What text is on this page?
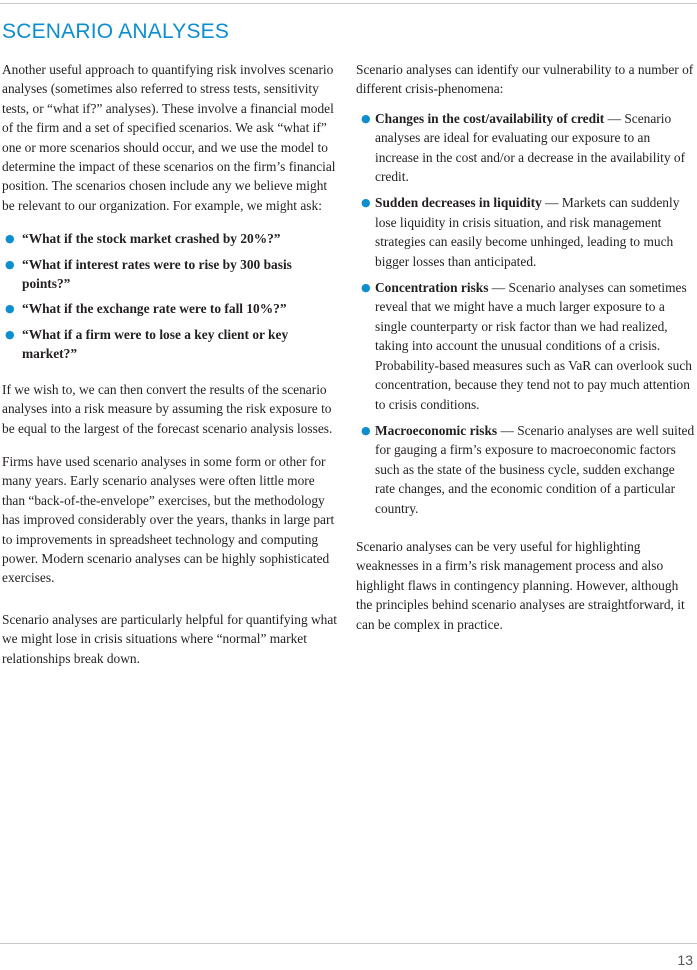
SCENARIO ANALYSES

Another useful approach to quantifying risk involves scenario analyses (sometimes also referred to stress tests, sensitivity tests, or “what if?” analyses). These involve a financial model of the firm and a set of specified scenarios. We ask “what if” one or more scenarios should occur, and we use the model to determine the impact of these scenarios on the firm’s financial position. The scenarios chosen include any we believe might be relevant to our organization. For example, we might ask:

● “What if the stock market crashed by 20%?”
● “What if interest rates were to rise by 300 basis points?”
● “What if the exchange rate were to fall 10%?”
● “What if a firm were to lose a key client or key market?”

If we wish to, we can then convert the results of the scenario analyses into a risk measure by assuming the risk exposure to be equal to the largest of the forecast scenario analysis losses.

Firms have used scenario analyses in some form or other for many years. Early scenario analyses were often little more than “back-of-the-envelope” exercises, but the methodology has improved considerably over the years, thanks in large part to improvements in spreadsheet technology and computing power. Modern scenario analyses can be highly sophisticated exercises.

Scenario analyses are particularly helpful for quantifying what we might lose in crisis situations where “normal” market relationships break down.

Scenario analyses can identify our vulnerability to a number of different crisis-phenomena:

● Changes in the cost/availability of credit — Scenario analyses are ideal for evaluating our exposure to an increase in the cost and/or a decrease in the availability of credit.
● Sudden decreases in liquidity — Markets can suddenly lose liquidity in crisis situation, and risk management strategies can easily become unhinged, leading to much bigger losses than anticipated.
● Concentration risks — Scenario analyses can sometimes reveal that we might have a much larger exposure to a single counterparty or risk factor than we had realized, taking into account the unusual conditions of a crisis. Probability-based measures such as VaR can overlook such concentration, because they tend not to pay much attention to crisis conditions.
● Macroeconomic risks — Scenario analyses are well suited for gauging a firm’s exposure to macroeconomic factors such as the state of the business cycle, sudden exchange rate changes, and the economic condition of a particular country.

Scenario analyses can be very useful for highlighting weaknesses in a firm’s risk management process and also highlight flaws in contingency planning. However, although the principles behind scenario analyses are straightforward, it can be complex in practice.

13
